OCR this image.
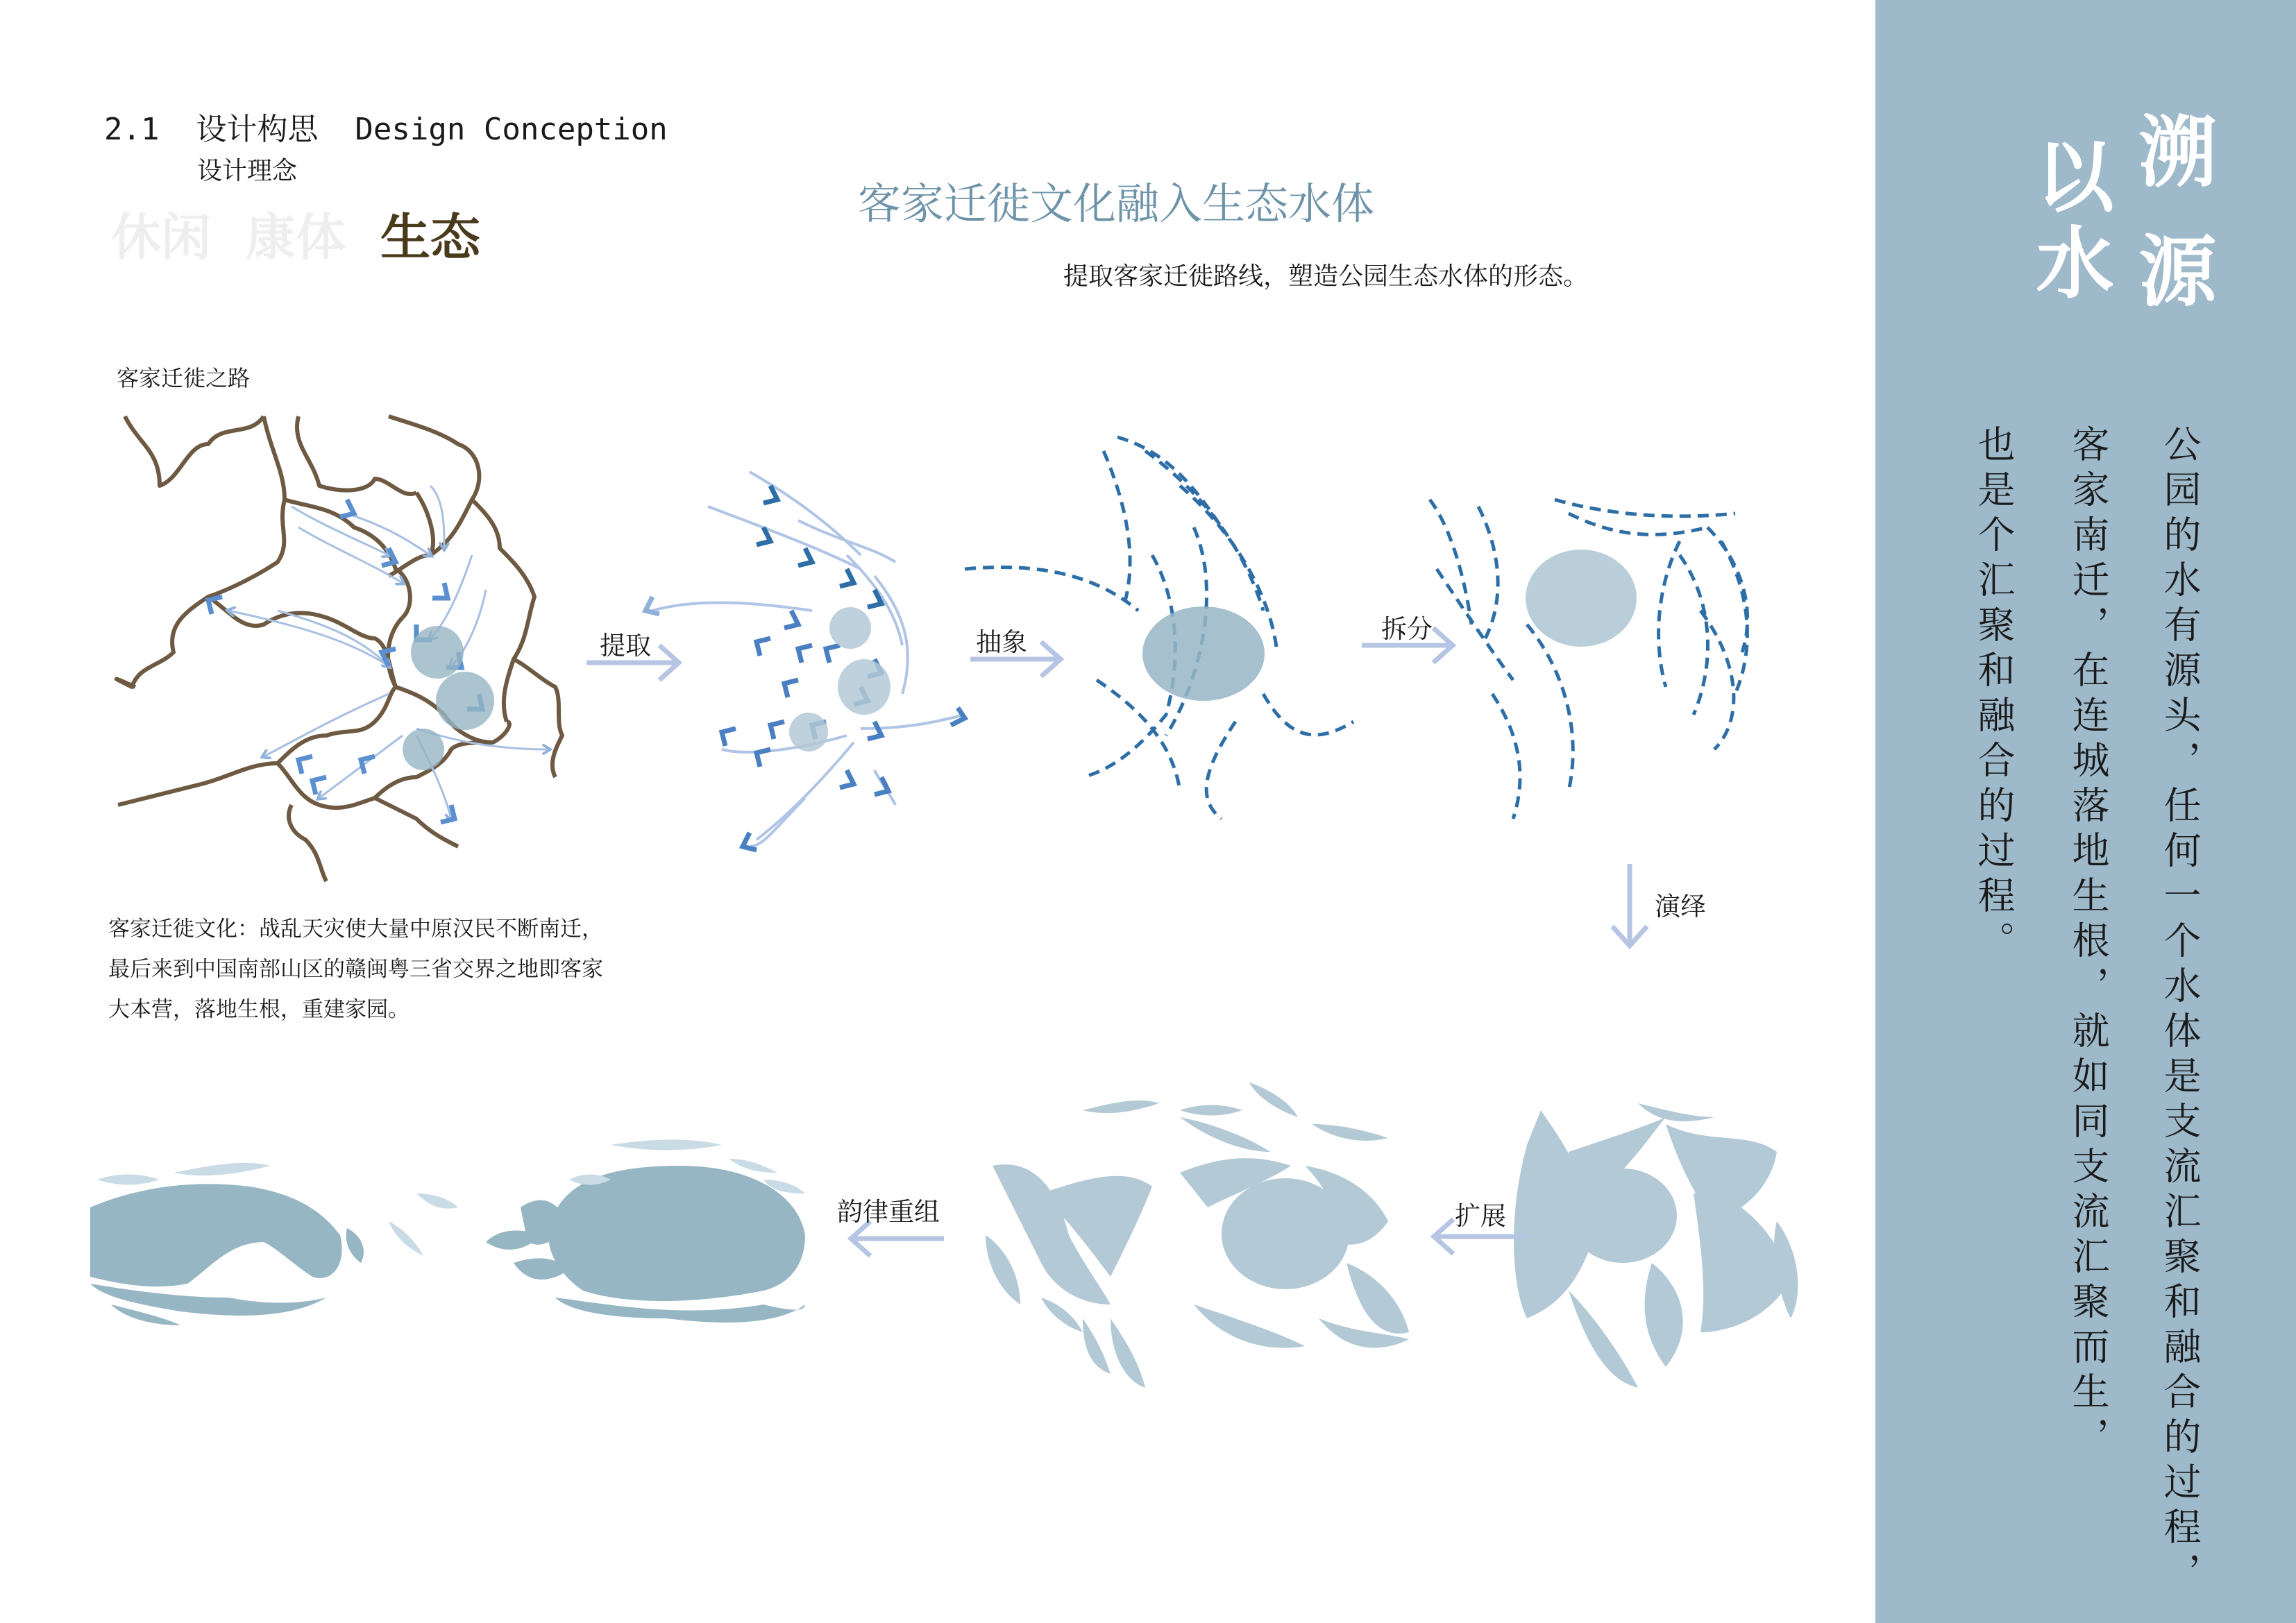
2.1  设计构思  Design Conception
设计理念
休闲 康体 生态
客家迁徙文化融入生态水体
提取客家迁徙路线，塑造公园生态水体的形态。
客家迁徙之路
客家迁徙文化：战乱天灾使大量中原汉民不断南迁，最后来到中国南部山区的赣闽粤三省交界之地即客家大本营，落地生根，重建家园。
提取	抽象	拆分
演绎
扩展
韵律重组
溯源
以水
公园的水有源头，任何一个水体是支流汇聚和融合的过程，
客家南迁，在连城落地生根，就如同支流汇聚而生，
也是个汇聚和融合的过程。
